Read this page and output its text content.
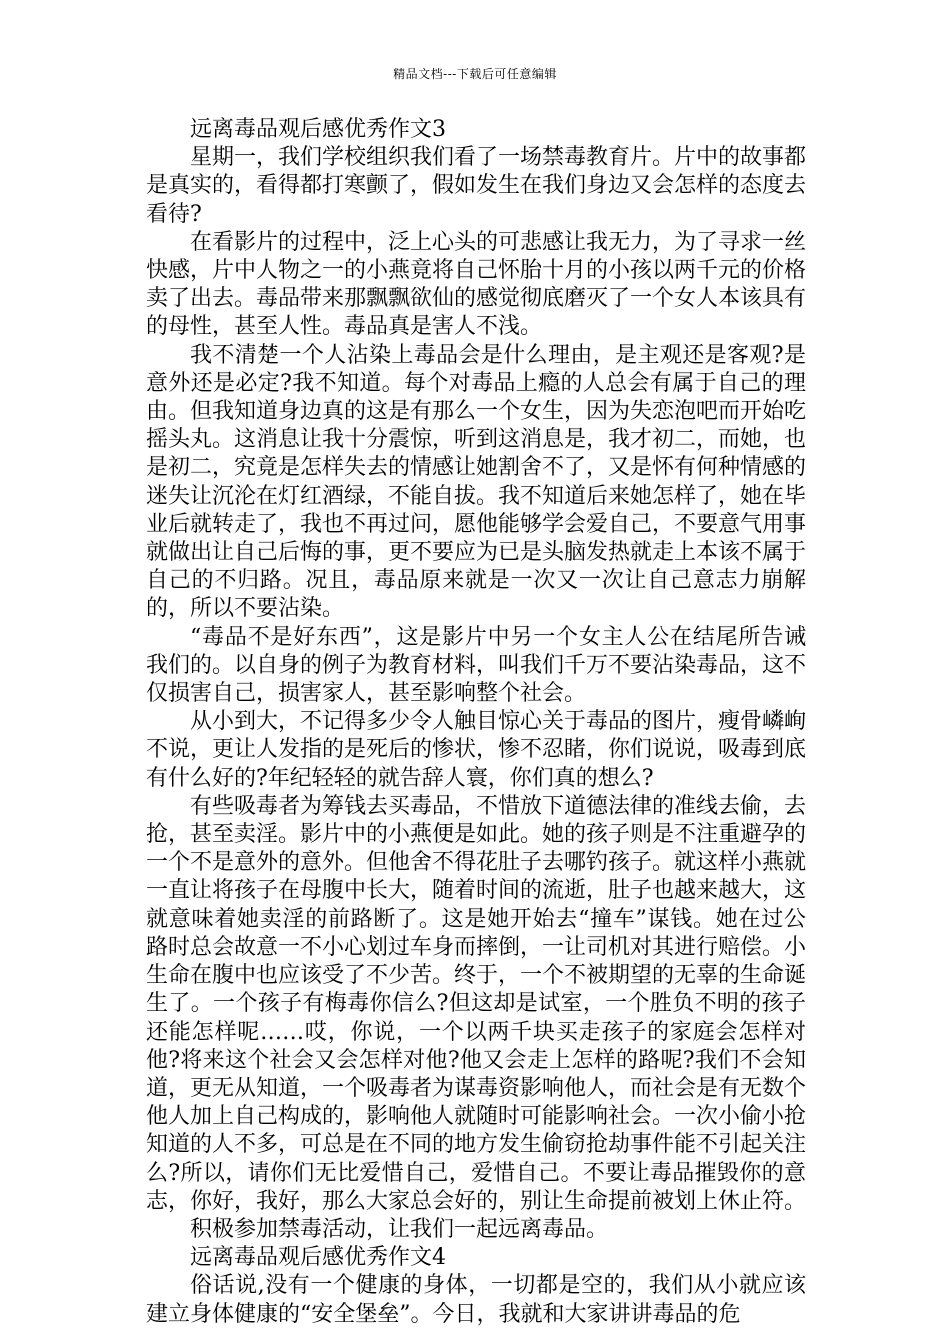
精品文档---下载后可任意编辑

远离毒品观后感优秀作文3

星期一，我们学校组织我们看了一场禁毒教育片。片中的故事都是真实的，看得都打寒颤了，假如发生在我们身边又会怎样的态度去看待?

在看影片的过程中，泛上心头的可悲感让我无力，为了寻求一丝快感，片中人物之一的小燕竟将自己怀胎十月的小孩以两千元的价格卖了出去。毒品带来那飘飘欲仙的感觉彻底磨灭了一个女人本该具有的母性，甚至人性。毒品真是害人不浅。

我不清楚一个人沾染上毒品会是什么理由，是主观还是客观?是意外还是必定?我不知道。每个对毒品上瘾的人总会有属于自己的理由。但我知道身边真的这是有那么一个女生，因为失恋泡吧而开始吃摇头丸。这消息让我十分震惊，听到这消息是，我才初二，而她，也是初二，究竟是怎样失去的情感让她割舍不了，又是怀有何种情感的迷失让沉沦在灯红酒绿，不能自拔。我不知道后来她怎样了，她在毕业后就转走了，我也不再过问，愿他能够学会爱自己，不要意气用事就做出让自己后悔的事，更不要应为已是头脑发热就走上本该不属于自己的不归路。况且，毒品原来就是一次又一次让自己意志力崩解的，所以不要沾染。

“毒品不是好东西”，这是影片中另一个女主人公在结尾所告诫我们的。以自身的例子为教育材料，叫我们千万不要沾染毒品，这不仅损害自己，损害家人，甚至影响整个社会。

从小到大，不记得多少令人触目惊心关于毒品的图片，瘦骨嶙峋不说，更让人发指的是死后的惨状，惨不忍睹，你们说说，吸毒到底有什么好的?年纪轻轻的就告辞人寰，你们真的想么?

有些吸毒者为筹钱去买毒品，不惜放下道德法律的准线去偷，去抢，甚至卖淫。影片中的小燕便是如此。她的孩子则是不注重避孕的一个不是意外的意外。但他舍不得花肚子去哪钓孩子。就这样小燕就一直让将孩子在母腹中长大，随着时间的流逝，肚子也越来越大，这就意味着她卖淫的前路断了。这是她开始去“撞车”谋钱。她在过公路时总会故意一不小心划过车身而摔倒，一让司机对其进行赔偿。小生命在腹中也应该受了不少苦。终于，一个不被期望的无辜的生命诞生了。一个孩子有梅毒你信么?但这却是试室，一个胜负不明的孩子还能怎样呢……哎，你说，一个以两千块买走孩子的家庭会怎样对他?将来这个社会又会怎样对他?他又会走上怎样的路呢?我们不会知道，更无从知道，一个吸毒者为谋毒资影响他人，而社会是有无数个他人加上自己构成的，影响他人就随时可能影响社会。一次小偷小抢知道的人不多，可总是在不同的地方发生偷窃抢劫事件能不引起关注么?所以，请你们无比爱惜自己，爱惜自己。不要让毒品摧毁你的意志，你好，我好，那么大家总会好的，别让生命提前被划上休止符。

积极参加禁毒活动，让我们一起远离毒品。

远离毒品观后感优秀作文4

俗话说,没有一个健康的身体，一切都是空的，我们从小就应该建立身体健康的“安全堡垒”。今日，我就和大家讲讲毒品的危
